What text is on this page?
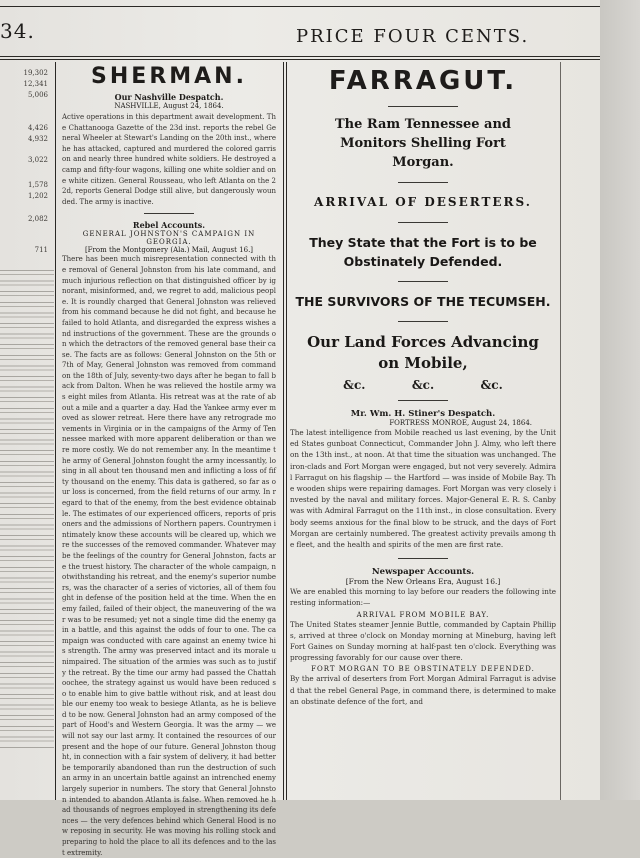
34.	PRICE FOUR CENTS.
19,302
12,341
5,006
4,426
4,932
3,022
1,578
1,202
2,082
711
SHERMAN.
Our Nashville Despatch.
NASHVILLE, August 24, 1864.
Active operations in this department await development. The Chattanooga Gazette of the 23d inst. reports the rebel General Wheeler at Stewart's Landing on the 20th inst., where he has attacked, captured and murdered the colored garrison and nearly three hundred white soldiers. He destroyed a camp and fifty-four wagons, killing one white soldier and one white citizen. General Rousseau, who left Atlanta on the 22d, reports General Dodge still alive, but dangerously wounded. The army is inactive.
Rebel Accounts.
GENERAL JOHNSTON'S CAMPAIGN IN GEORGIA.
[From the Montgomery (Ala.) Mail, August 16.]
There has been much misrepresentation connected with the removal of General Johnston from his late command, and much injurious reflection on that distinguished officer by ignorant, misinformed, and, we regret to add, malicious people. It is roundly charged that General Johnston was relieved from his command because he did not fight, and because he failed to hold Atlanta, and disregarded the express wishes and instructions of the government. These are the grounds on which the detractors of the removed general base their case. The facts are as follows: General Johnston on the 5th or 7th of May, General Johnston was removed from command on the 18th of July, seventy-two days after he began to fall back from Dalton. When he was relieved the hostile army was eight miles from Atlanta. His retreat was at the rate of about a mile and a quarter a day. Had the Yankee army ever moved as slower retreat. Here there have any retrograde movements in Virginia or in the campaigns of the Army of Tennessee marked with more apparent deliberation or than were more costly. We do not remember any. In the meantime the army of General Johnston fought the army incessantly, losing in all about ten thousand men and inflicting a loss of fifty thousand on the enemy. This data is gathered, so far as our loss is concerned, from the field returns of our army. In regard to that of the enemy, from the best evidence obtainable. The estimates of our experienced officers, reports of prisoners and the admissions of Northern papers. Countrymen intimately know these accounts will be cleared up, which were the successes of the removed commander. Whatever may be the feelings of the country for General Johnston, facts are the truest history. The character of the whole campaign, notwithstanding his retreat, and the enemy's superior numbers, was the character of a series of victories, all of them fought in defense of the position held at the time. When the enemy failed, failed of their object, the maneuvering of the war was to be resumed; yet not a single time did the enemy gain a battle, and this against the odds of four to one. The campaign was conducted with care against an enemy twice his strength. The army was preserved intact and its morale unimpaired. The situation of the armies was such as to justify the retreat. By the time our army had passed the Chattahoochee, the strategy against us would have been reduced so to enable him to give battle without risk, and at least double our enemy too weak to besiege Atlanta, as he is believed to be now. General Johnston had an army composed of the part of Hood's and Western Georgia. It was the army — we will not say our last army. It contained the resources of our present and the hope of our future. General Johnston thought, in connection with a fair system of delivery, it had better be temporarily abandoned than run the destruction of such an army in an uncertain battle against an intrenched enemy largely superior in numbers. The story that General Johnston intended to abandon Atlanta is false. When removed he had thousands of negroes employed in strengthening its defences — the very defences behind which General Hood is now reposing in security. He was moving his rolling stock and preparing to hold the place to all its defences and to the last extremity.
FARRAGUT.
The Ram Tennessee and Monitors Shelling Fort Morgan.
ARRIVAL OF DESERTERS.
They State that the Fort is to be Obstinately Defended.
THE SURVIVORS OF THE TECUMSEH.
Our Land Forces Advancing on Mobile,
&c.	&c.	&c.
Mr. Wm. H. Stiner's Despatch.
FORTRESS MONROE, August 24, 1864.
The latest intelligence from Mobile reached us last evening, by the United States gunboat Connecticut, Commander John J. Almy, who left there on the 13th inst., at noon. At that time the situation was unchanged. The iron-clads and Fort Morgan were engaged, but not very severely. Admiral Farragut on his flagship — the Hartford — was inside of Mobile Bay. The wooden ships were repairing damages. Fort Morgan was very closely invested by the naval and military forces. Major-General E. R. S. Canby was with Admiral Farragut on the 11th inst., in close consultation. Everybody seems anxious for the final blow to be struck, and the days of Fort Morgan are certainly numbered. The greatest activity prevails among the fleet, and the health and spirits of the men are first rate.
Newspaper Accounts.
[From the New Orleans Era, August 16.]
We are enabled this morning to lay before our readers the following interesting information:—
ARRIVAL FROM MOBILE BAY.
The United States steamer Jennie Buttle, commanded by Captain Phillips, arrived at three o'clock on Monday morning at Mineburg, having left Fort Gaines on Sunday morning at half-past ten o'clock. Everything was progressing favorably for our cause over there.
FORT MORGAN TO BE OBSTINATELY DEFENDED.
By the arrival of deserters from Fort Morgan Admiral Farragut is advised that the rebel General Page, in command there, is determined to make an obstinate defence of the fort, and
